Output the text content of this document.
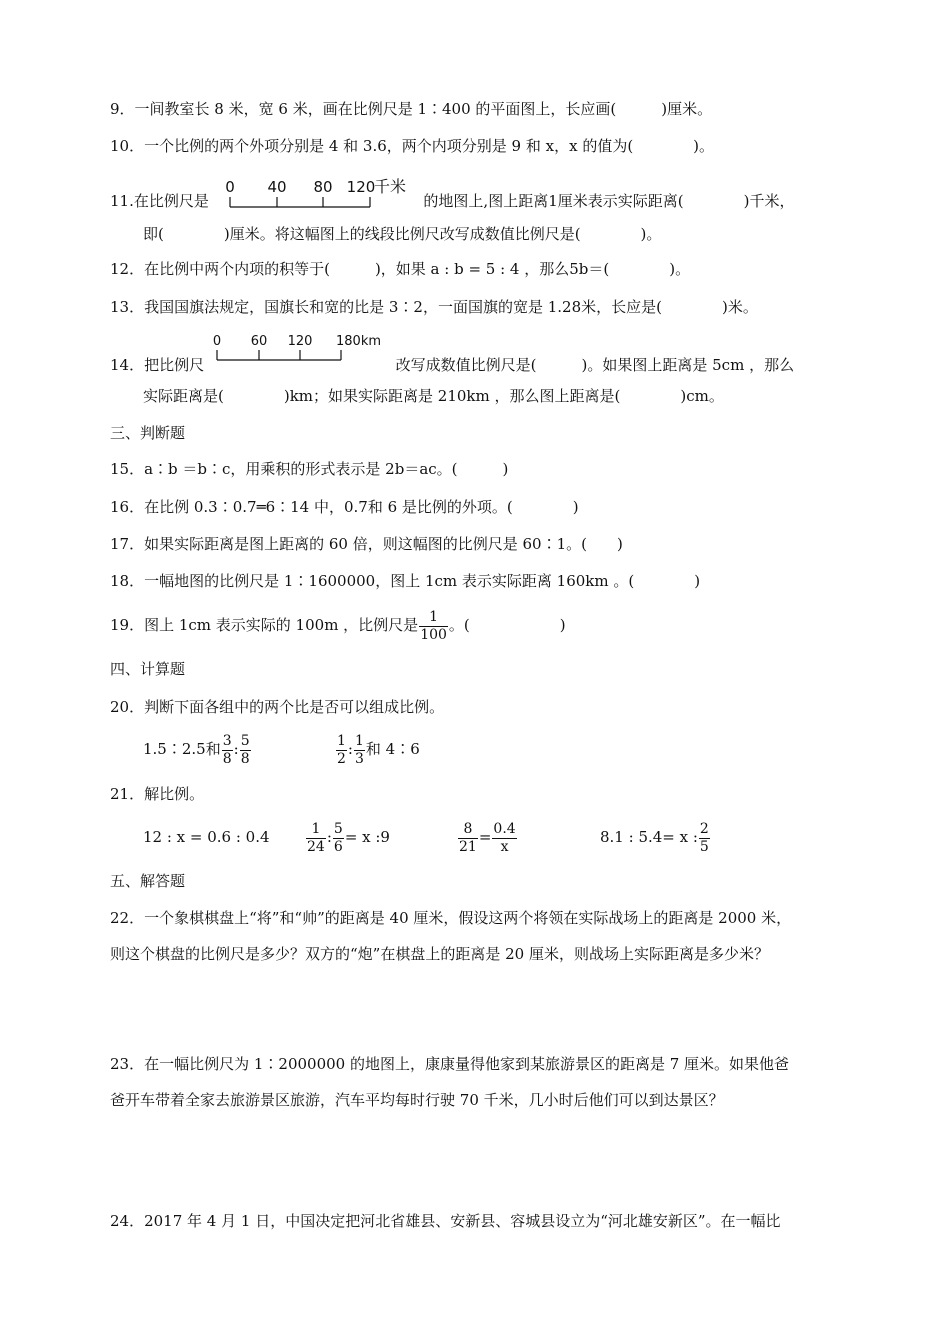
9．一间教室长 8 米，宽 6 米，画在比例尺是 1∶400 的平面图上，长应画(　　　)厘米。
10．一个比例的两个外项分别是 4 和 3.6，两个内项分别是 9 和 x，x 的值为(　　　　)。
11.在比例尺是	的地图上,图上距离1厘米表示实际距离(　　　　)千米，
0 40 80 120
千米
即(　　　　)厘米。将这幅图上的线段比例尺改写成数值比例尺是(　　　　)。
12．在比例中两个内项的积等于(　　　)，如果 a : b = 5 : 4 ，那么5b＝(　　　　)。
13．我国国旗法规定，国旗长和宽的比是 3∶2，一面国旗的宽是 1.28米，长应是(　　　　)米。
14．把比例尺	改写成数值比例尺是(　　　)。如果图上距离是 5cm ，那么
0 60 120 180km
实际距离是(　　　　)km；如果实际距离是 210km ，那么图上距离是(　　　　)cm。
三、判断题
15．a∶b ＝b∶c，用乘积的形式表示是 2b＝ac。(　　　)
16．在比例 0.3∶0.7═6∶14 中，0.7和 6 是比例的外项。(　　　　)
17．如果实际距离是图上距离的 60 倍，则这幅图的比例尺是 60∶1。(　　)
18．一幅地图的比例尺是 1∶1600000，图上 1cm 表示实际距离 160km 。(　　　　)
19．图上 1cm 表示实际的 100m ，比例尺是 $\frac{1}{100}$ 。(　　　　　　)
四、计算题
20．判断下面各组中的两个比是否可以组成比例。
1.5∶2.5和 $\frac{3}{8}$ : $\frac{5}{8}$	$\frac{1}{2}$ : $\frac{1}{3}$ 和 4∶6
21．解比例。
12 : x = 0.6 : 0.4	$\frac{1}{24}$ : $\frac{5}{6} = x$ :9	$\frac{8}{21} = \frac{0.4}{x}$	8.1 : 5.4= x : $\frac{2}{5}$
五、解答题
22．一个象棋棋盘上“将”和“帅”的距离是 40 厘米，假设这两个将领在实际战场上的距离是 2000 米，
则这个棋盘的比例尺是多少？双方的“炮”在棋盘上的距离是 20 厘米，则战场上实际距离是多少米？
23．在一幅比例尺为 1∶2000000 的地图上，康康量得他家到某旅游景区的距离是 7 厘米。如果他爸
爸开车带着全家去旅游景区旅游，汽车平均每时行驶 70 千米，几小时后他们可以到达景区？
24．2017 年 4 月 1 日，中国决定把河北省雄县、安新县、容城县设立为“河北雄安新区”。在一幅比
